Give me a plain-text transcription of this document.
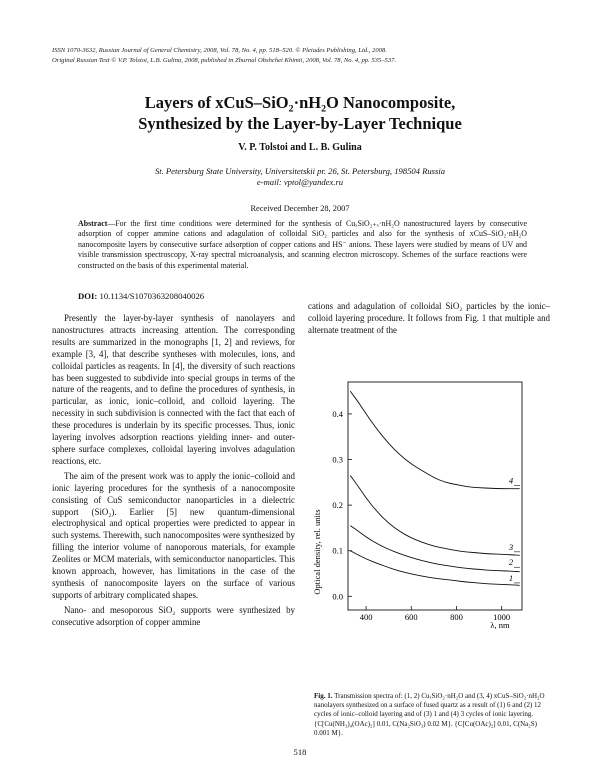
ISSN 1070-3632, Russian Journal of General Chemistry, 2008, Vol. 78, No. 4, pp. 518–520. © Pleiades Publishing, Ltd., 2008.
Original Russian Text © V.P. Tolstoi, L.B. Gulina, 2008, published in Zhurnal Obshchei Khimii, 2008, Vol. 78, No. 4, pp. 535–537.
Layers of xCuS–SiO₂·nH₂O Nanocomposite,
Synthesized by the Layer-by-Layer Technique
V. P. Tolstoi and L. B. Gulina
St. Petersburg State University, Universitetskii pr. 26, St. Petersburg, 198504 Russia
e-mail: vptol@yandex.ru
Received December 28, 2007
Abstract—For the first time conditions were determined for the synthesis of CuₓSiO₂₊ₓ·nH₂O nanostructured layers by consecutive adsorption of copper ammine cations and adagulation of colloidal SiO₂ particles and also for the synthesis of xCuS–SiO₂·nH₂O nanocomposite layers by consecutive surface adsorption of copper cations and HS⁻ anions. These layers were studied by means of UV and visible transmission spectroscopy, X-ray spectral microanalysis, and scanning electron microscopy. Schemes of the surface reactions were constructed on the basis of this experimental material.
DOI: 10.1134/S1070363208040026

Presently the layer-by-layer synthesis of nanolayers and nanostructures attracts increasing attention. The corresponding results are summarized in the monographs [1, 2] and reviews, for example [3, 4], that describe syntheses with molecules, ions, and colloidal particles as reagents. In [4], the diversity of such reactions has been suggested to subdivide into special groups in terms of the nature of the reagents, and to define the procedures of synthesis, in particular, as ionic, ionic–colloid, and colloid layering. The necessity in such subdivision is connected with the fact that each of these procedures is underlain by its specific processes. Thus, ionic layering involves adsorption reactions yielding inner- and outer-sphere surface complexes, colloidal layering involves adagulation reactions, etc.

The aim of the present work was to apply the ionic–colloid and ionic layering procedures for the synthesis of a nanocomposite consisting of CuS semiconductor nanoparticles in a dielectric support (SiO₂). Earlier [5] new quantum-dimensional electrophysical and optical properties were predicted to appear in such systems. Therewith, such nanocomposites were synthesized by filling the interior volume of nanoporous materials, for example Zeolites or MCM materials, with semiconductor nanoparticles. This known approach, however, has limitations in the case of the synthesis of nanocomposite layers on the surface of various supports of arbitrary complicated shapes.

Nano- and mesoporous SiO₂ supports were synthesized by consecutive adsorption of copper ammine

cations and adagulation of colloidal SiO₂ particles by the ionic–colloid layering procedure. It follows from Fig. 1 that multiple and alternate treatment of the

400	600	800	1000
0.0
0.1
0.2
0.3
0.4
4
3
2
1
Optical density, rel. units
λ, nm
Fig. 1. Transmission spectra of: (1, 2) CuₓSiO₂·nH₂O and (3, 4) xCuS–SiO₂·nH₂O nanolayers synthesized on a surface of fused quartz as a result of (1) 6 and (2) 12 cycles of ionic–colloid layering and of (3) 1 and (4) 3 cycles of ionic layering. {C[Cu(NH₃)₄(OAc)₂] 0.01, C(Na₂SiO₃) 0.02 M}. {C[Cu(OAc)₂] 0.01, C(Na₂S) 0.001 M}.
518
